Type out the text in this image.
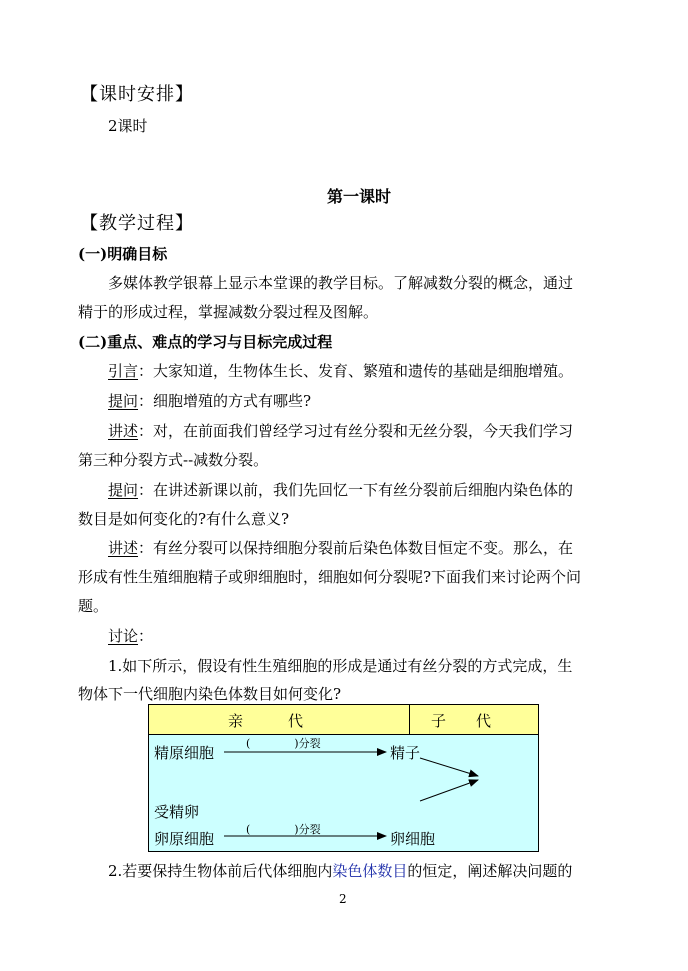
【课时安排】
2课时
第一课时
【教学过程】
(一)明确目标
多媒体教学银幕上显示本堂课的教学目标。了解减数分裂的概念，通过
精于的形成过程，掌握减数分裂过程及图解。
(二)重点、难点的学习与目标完成过程
引言：大家知道，生物体生长、发育、繁殖和遗传的基础是细胞增殖。
提问：细胞增殖的方式有哪些?
讲述：对，在前面我们曾经学习过有丝分裂和无丝分裂，今天我们学习
第三种分裂方式--减数分裂。
提问：在讲述新课以前，我们先回忆一下有丝分裂前后细胞内染色体的
数目是如何变化的?有什么意义?
讲述：有丝分裂可以保持细胞分裂前后染色体数目恒定不变。那么，在
形成有性生殖细胞精子或卵细胞时，细胞如何分裂呢?下面我们来讨论两个问
题。
讨论：
1.如下所示，假设有性生殖细胞的形成是通过有丝分裂的方式完成，生
物体下一代细胞内染色体数目如何变化?
亲　　　代	子　　代
精原细胞
(　　　　)分裂
精子
受精卵
卵原细胞
(　　　　)分裂
卵细胞
2.若要保持生物体前后代体细胞内染色体数目的恒定，阐述解决问题的
2
